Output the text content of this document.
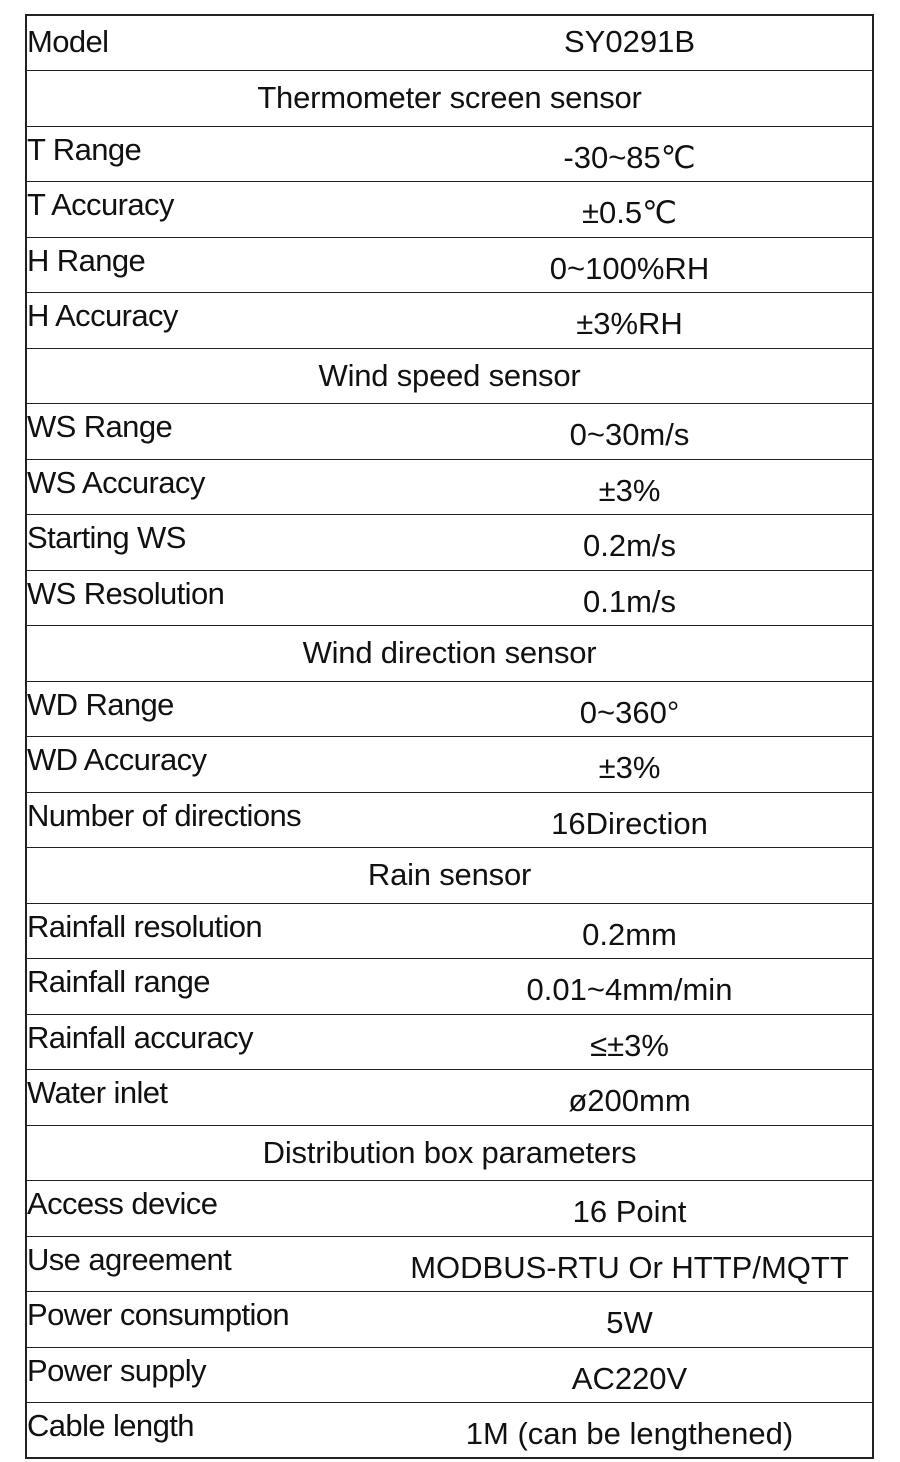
Model	SY0291B
Thermometer screen sensor	
T Range	-30~85℃
T Accuracy	±0.5℃
H Range	0~100%RH
H Accuracy	±3%RH
Wind speed sensor	
WS Range	0~30m/s
WS Accuracy	±3%
Starting WS	0.2m/s
WS Resolution	0.1m/s
Wind direction sensor	
WD Range	0~360°
WD Accuracy	±3%
Number of directions	16Direction
Rain sensor	
Rainfall resolution	0.2mm
Rainfall range	0.01~4mm/min
Rainfall accuracy	≤±3%
Water inlet	ø200mm
Distribution box parameters	
Access device	16 Point
Use agreement	MODBUS-RTU Or HTTP/MQTT
Power consumption	5W
Power supply	AC220V
Cable length	1M (can be lengthened)
